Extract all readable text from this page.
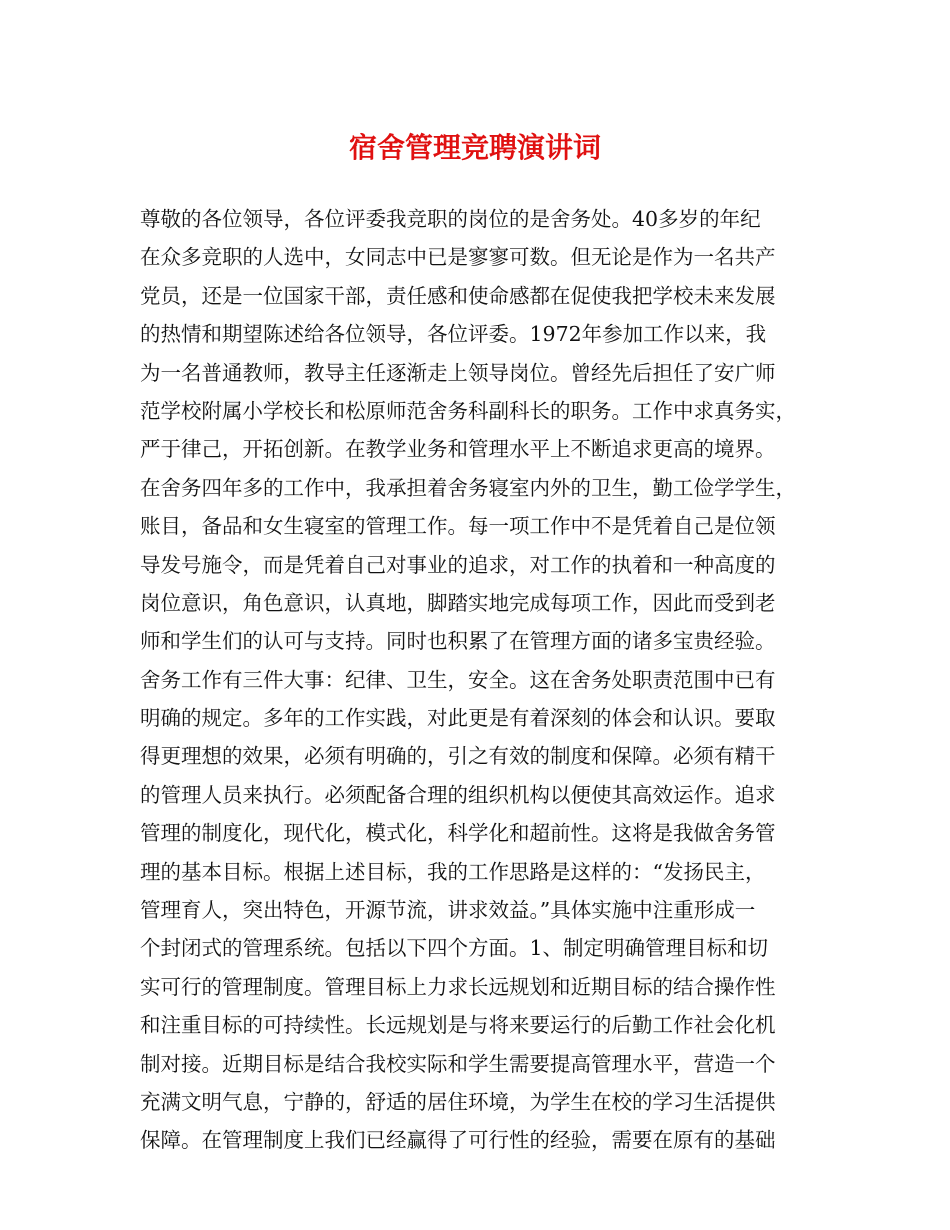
宿舍管理竞聘演讲词
尊敬的各位领导，各位评委我竞职的岗位的是舍务处。40多岁的年纪
在众多竞职的人选中，女同志中已是寥寥可数。但无论是作为一名共产
党员，还是一位国家干部，责任感和使命感都在促使我把学校未来发展
的热情和期望陈述给各位领导，各位评委。1972年参加工作以来，我
为一名普通教师，教导主任逐渐走上领导岗位。曾经先后担任了安广师
范学校附属小学校长和松原师范舍务科副科长的职务。工作中求真务实，
严于律己，开拓创新。在教学业务和管理水平上不断追求更高的境界。
在舍务四年多的工作中，我承担着舍务寝室内外的卫生，勤工俭学学生，
账目，备品和女生寝室的管理工作。每一项工作中不是凭着自己是位领
导发号施令，而是凭着自己对事业的追求，对工作的执着和一种高度的
岗位意识，角色意识，认真地，脚踏实地完成每项工作，因此而受到老
师和学生们的认可与支持。同时也积累了在管理方面的诸多宝贵经验。
舍务工作有三件大事：纪律、卫生，安全。这在舍务处职责范围中已有
明确的规定。多年的工作实践，对此更是有着深刻的体会和认识。要取
得更理想的效果，必须有明确的，引之有效的制度和保障。必须有精干
的管理人员来执行。必须配备合理的组织机构以便使其高效运作。追求
管理的制度化，现代化，模式化，科学化和超前性。这将是我做舍务管
理的基本目标。根据上述目标，我的工作思路是这样的：“发扬民主，
管理育人，突出特色，开源节流，讲求效益。”具体实施中注重形成一
个封闭式的管理系统。包括以下四个方面。1、制定明确管理目标和切
实可行的管理制度。管理目标上力求长远规划和近期目标的结合操作性
和注重目标的可持续性。长远规划是与将来要运行的后勤工作社会化机
制对接。近期目标是结合我校实际和学生需要提高管理水平，营造一个
充满文明气息，宁静的，舒适的居住环境，为学生在校的学习生活提供
保障。在管理制度上我们已经赢得了可行性的经验，需要在原有的基础
